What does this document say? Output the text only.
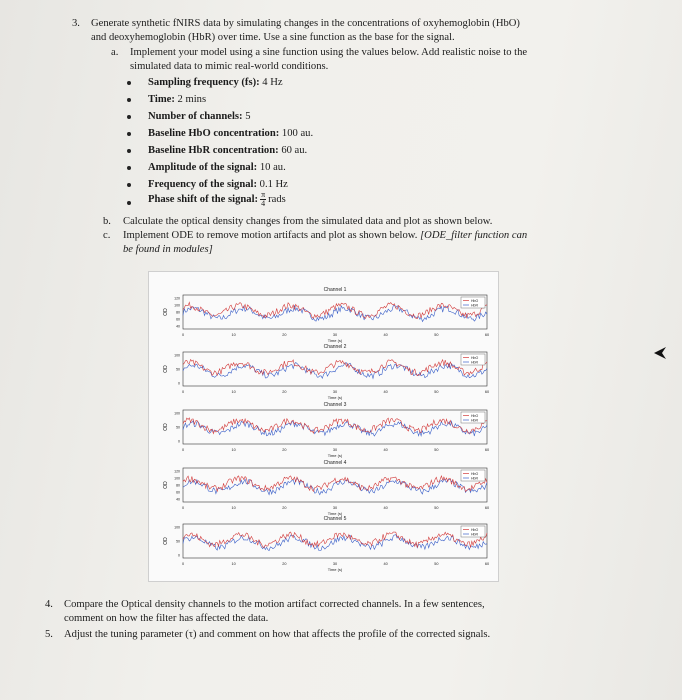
3. Generate synthetic fNIRS data by simulating changes in the concentrations of oxyhemoglobin (HbO)
and deoxyhemoglobin (HbR) over time. Use a sine function as the base for the signal.
a. Implement your model using a sine function using the values below. Add realistic noise to the
simulated data to mimic real-world conditions.
Sampling frequency (fs): 4 Hz
Time: 2 mins
Number of channels: 5
Baseline HbO concentration: 100 au.
Baseline HbR concentration: 60 au.
Amplitude of the signal: 10 au.
Frequency of the signal: 0.1 Hz
Phase shift of the signal: $\frac{\pi}{4}$ rads
b. Calculate the optical density changes from the simulated data and plot as shown below.
c. Implement ODE to remove motion artifacts and plot as shown below. [ODE_filter function can
be found in modules]
Channel 1
OD
120
100
80
60
40
0	10	20	30	40	50	60
Time (s)
HbO
HbR
Channel 2
OD
100
50
0
0	10	20	30	40	50	60
Time (s)
HbO
HbR
Channel 3
OD
100
50
0
0	10	20	30	40	50	60
Time (s)
HbO
HbR
Channel 4
OD
120
100
80
60
40
0	10	20	30	40	50	60
Time (s)
HbO
HbR
Channel 5
OD
100
50
0
0	10	20	30	40	50	60
Time (s)
HbO
HbR
4. Compare the Optical density channels to the motion artifact corrected channels. In a few sentences,
comment on how the filter has affected the data.
5. Adjust the tuning parameter (τ) and comment on how that affects the profile of the corrected signals.
